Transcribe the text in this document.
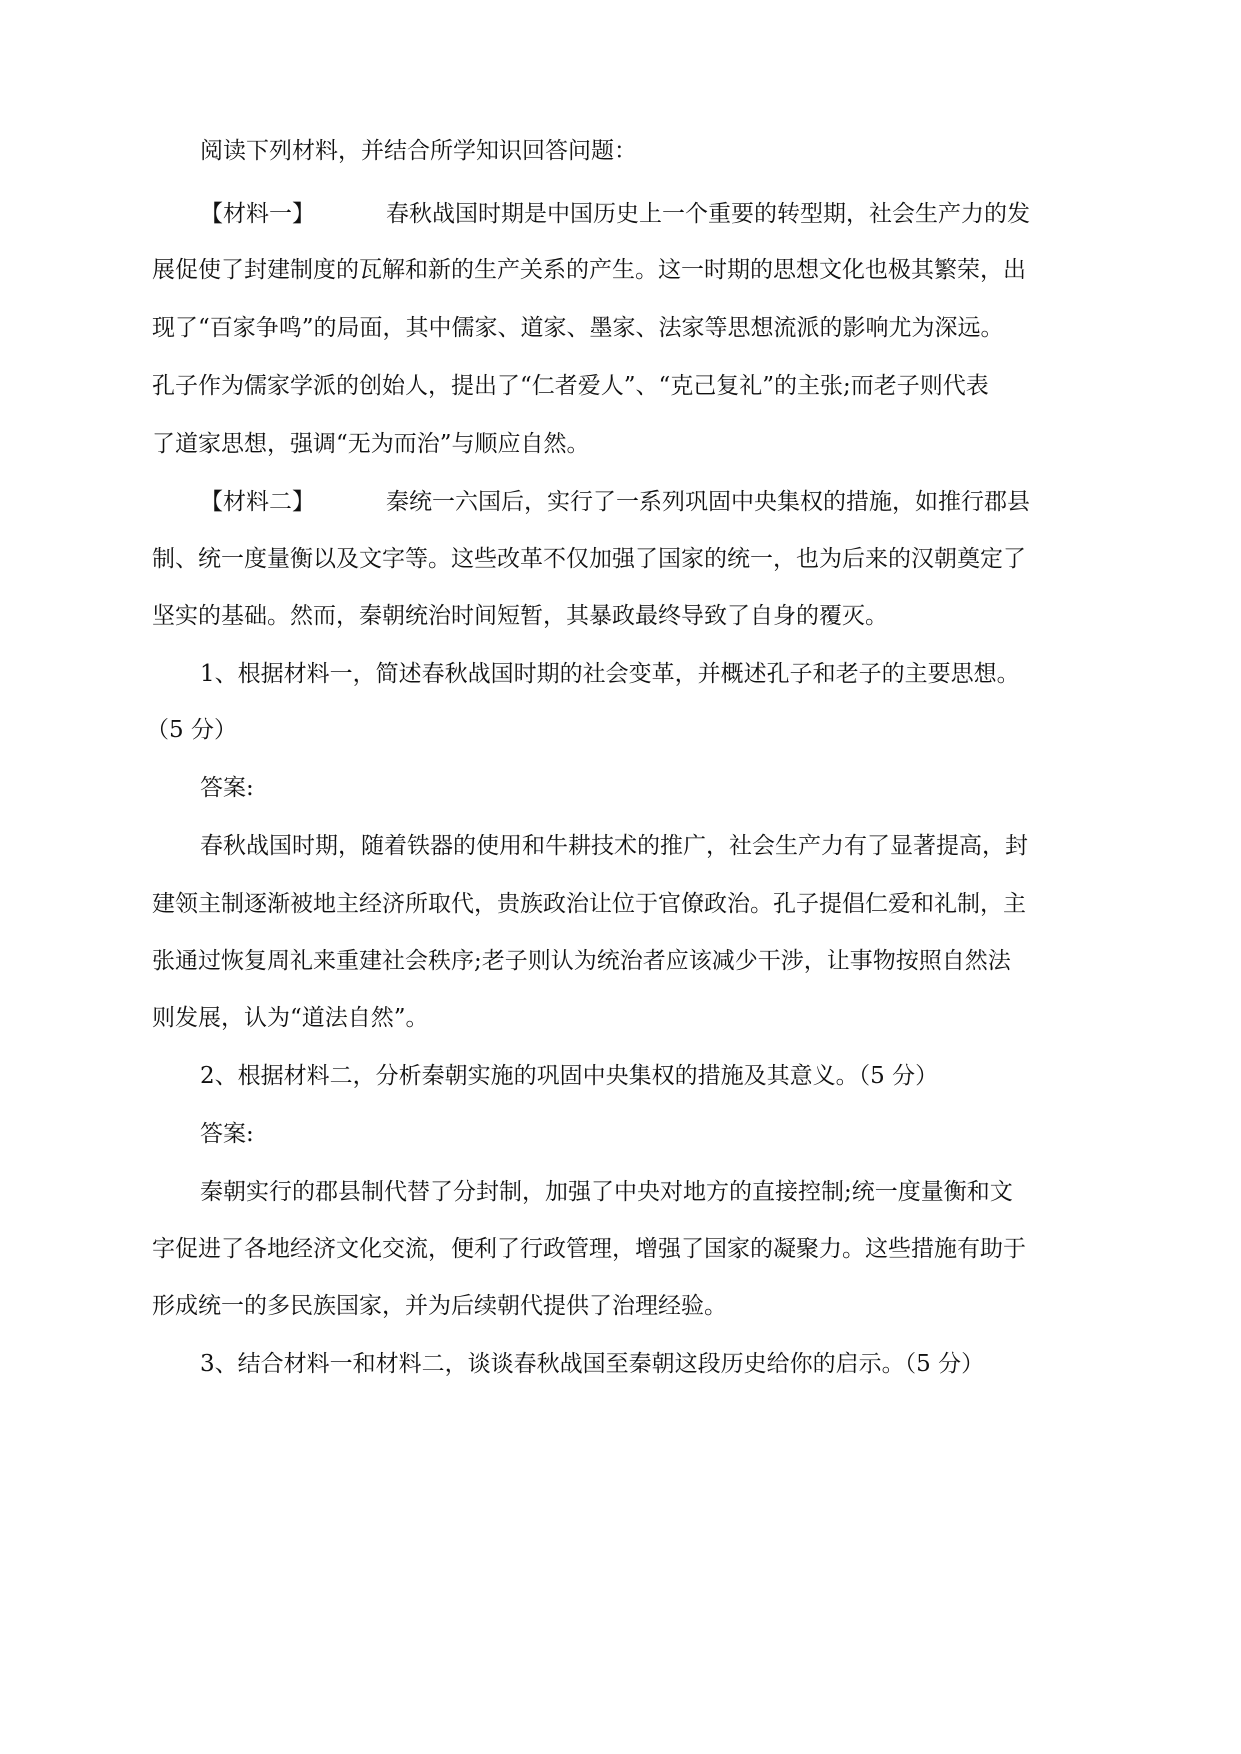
阅读下列材料，并结合所学知识回答问题：
【材料一】	春秋战国时期是中国历史上一个重要的转型期，社会生产力的发
展促使了封建制度的瓦解和新的生产关系的产生。这一时期的思想文化也极其繁荣，出
现了“百家争鸣”的局面，其中儒家、道家、墨家、法家等思想流派的影响尤为深远。
孔子作为儒家学派的创始人，提出了“仁者爱人”、“克己复礼”的主张;而老子则代表
了道家思想，强调“无为而治”与顺应自然。
【材料二】	秦统一六国后，实行了一系列巩固中央集权的措施，如推行郡县
制、统一度量衡以及文字等。这些改革不仅加强了国家的统一，也为后来的汉朝奠定了
坚实的基础。然而，秦朝统治时间短暂，其暴政最终导致了自身的覆灭。
1、根据材料一，简述春秋战国时期的社会变革，并概述孔子和老子的主要思想。
（5 分）
答案:
春秋战国时期，随着铁器的使用和牛耕技术的推广，社会生产力有了显著提高，封
建领主制逐渐被地主经济所取代，贵族政治让位于官僚政治。孔子提倡仁爱和礼制，主
张通过恢复周礼来重建社会秩序;老子则认为统治者应该减少干涉，让事物按照自然法
则发展，认为“道法自然”。
2、根据材料二，分析秦朝实施的巩固中央集权的措施及其意义。（5 分）
答案:
秦朝实行的郡县制代替了分封制，加强了中央对地方的直接控制;统一度量衡和文
字促进了各地经济文化交流，便利了行政管理，增强了国家的凝聚力。这些措施有助于
形成统一的多民族国家，并为后续朝代提供了治理经验。
3、结合材料一和材料二，谈谈春秋战国至秦朝这段历史给你的启示。（5 分）
